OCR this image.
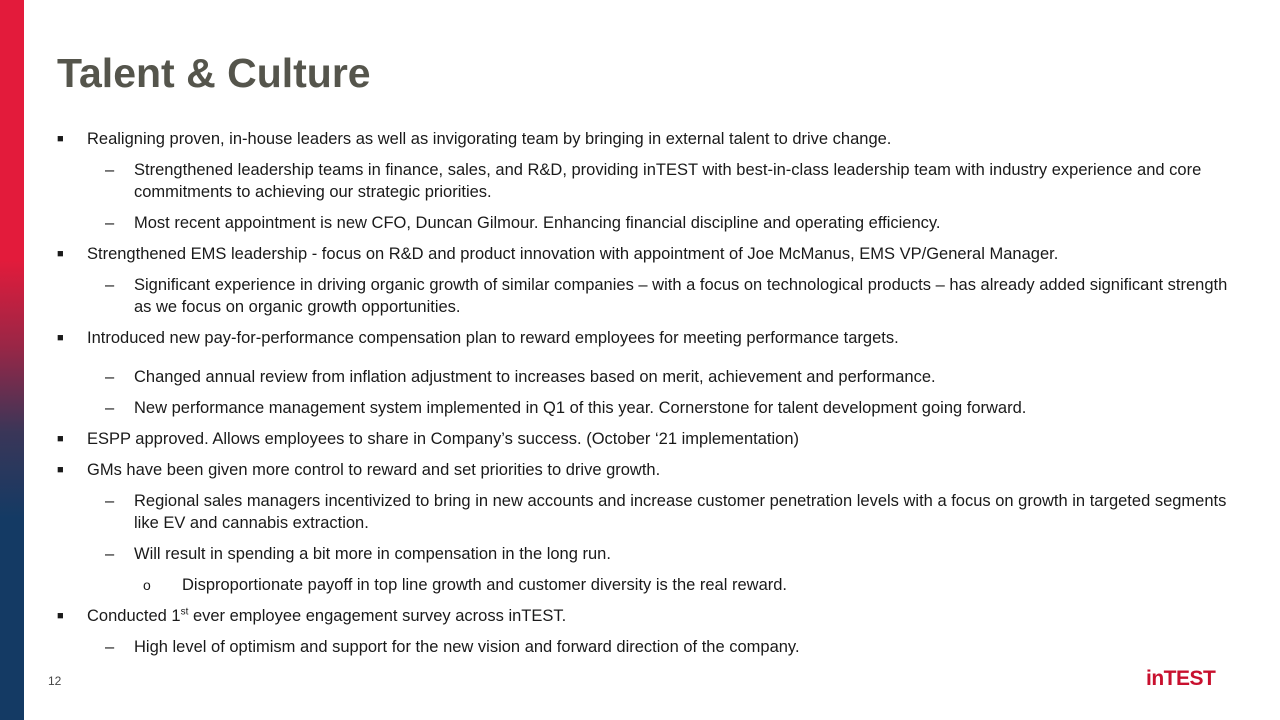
Talent & Culture
■ Realigning proven, in-house leaders as well as invigorating team by bringing in external talent to drive change.
– Strengthened leadership teams in finance, sales, and R&D, providing inTEST with best-in-class leadership team with industry experience and core commitments to achieving our strategic priorities.
– Most recent appointment is new CFO, Duncan Gilmour. Enhancing financial discipline and operating efficiency.
■ Strengthened EMS leadership - focus on R&D and product innovation with appointment of Joe McManus, EMS VP/General Manager.
– Significant experience in driving organic growth of similar companies – with a focus on technological products – has already added significant strength as we focus on organic growth opportunities.
■ Introduced new pay-for-performance compensation plan to reward employees for meeting performance targets.
– Changed annual review from inflation adjustment to increases based on merit, achievement and performance.
– New performance management system implemented in Q1 of this year. Cornerstone for talent development going forward.
■ ESPP approved. Allows employees to share in Company’s success. (October ‘21 implementation)
■ GMs have been given more control to reward and set priorities to drive growth.
– Regional sales managers incentivized to bring in new accounts and increase customer penetration levels with a focus on growth in targeted segments like EV and cannabis extraction.
– Will result in spending a bit more in compensation in the long run.
o Disproportionate payoff in top line growth and customer diversity is the real reward.
■ Conducted 1st ever employee engagement survey across inTEST.
– High level of optimism and support for the new vision and forward direction of the company.
12	inTEST
